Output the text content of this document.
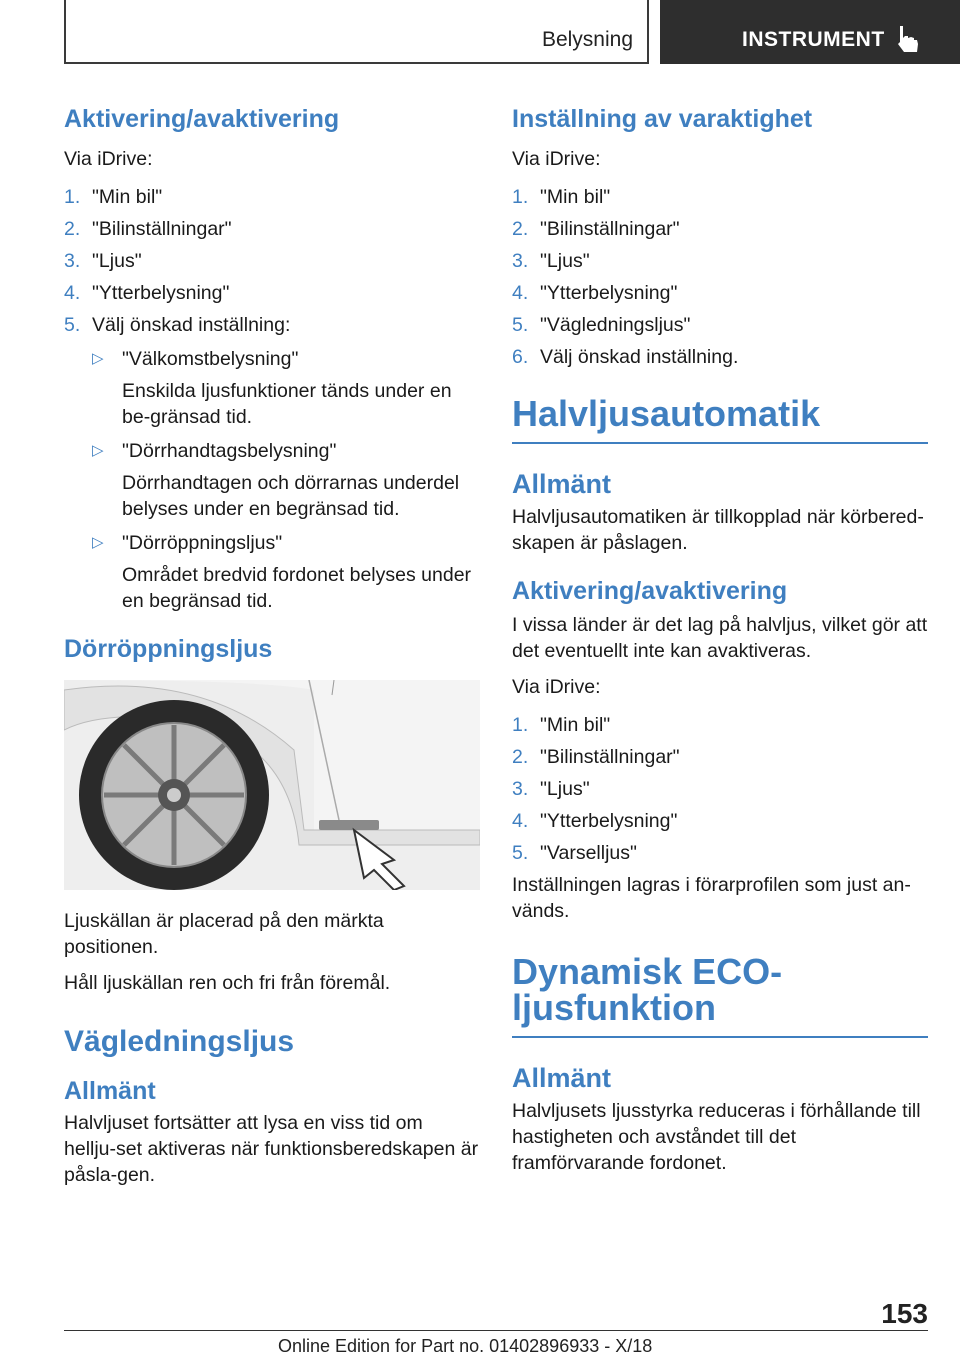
Belysning	INSTRUMENT
Aktivering/avaktivering

Via iDrive:

1. "Min bil"
2. "Bilinställningar"
3. "Ljus"
4. "Ytterbelysning"
5. Välj önskad inställning:
▷ "Välkomstbelysning"
Enskilda ljusfunktioner tänds under en be-gränsad tid.
▷ "Dörrhandtagsbelysning"
Dörrhandtagen och dörrarnas underdel belyses under en begränsad tid.
▷ "Dörröppningsljus"
Området bredvid fordonet belyses under en begränsad tid.
Dörröppningsljus

Ljuskällan är placerad på den märkta positionen.

Håll ljuskällan ren och fri från föremål.

Vägledningsljus
Allmänt

Halvljuset fortsätter att lysa en viss tid om hellju-set aktiveras när funktionsberedskapen är påsla-gen.

Inställning av varaktighet

Via iDrive:

1. "Min bil"
2. "Bilinställningar"
3. "Ljus"
4. "Ytterbelysning"
5. "Vägledningsljus"
6. Välj önskad inställning.
Halvljusautomatik
Allmänt

Halvljusautomatiken är tillkopplad när körbered-skapen är påslagen.

Aktivering/avaktivering

I vissa länder är det lag på halvljus, vilket gör att det eventuellt inte kan avaktiveras.

Via iDrive:

1. "Min bil"
2. "Bilinställningar"
3. "Ljus"
4. "Ytterbelysning"
5. "Varselljus"

Inställningen lagras i förarprofilen som just an-vänds.

Dynamisk ECO-ljusfunktion
Allmänt

Halvljusets ljusstyrka reduceras i förhållande till hastigheten och avståndet till det framförvarande fordonet.

153
Online Edition for Part no. 01402896933 - X/18
